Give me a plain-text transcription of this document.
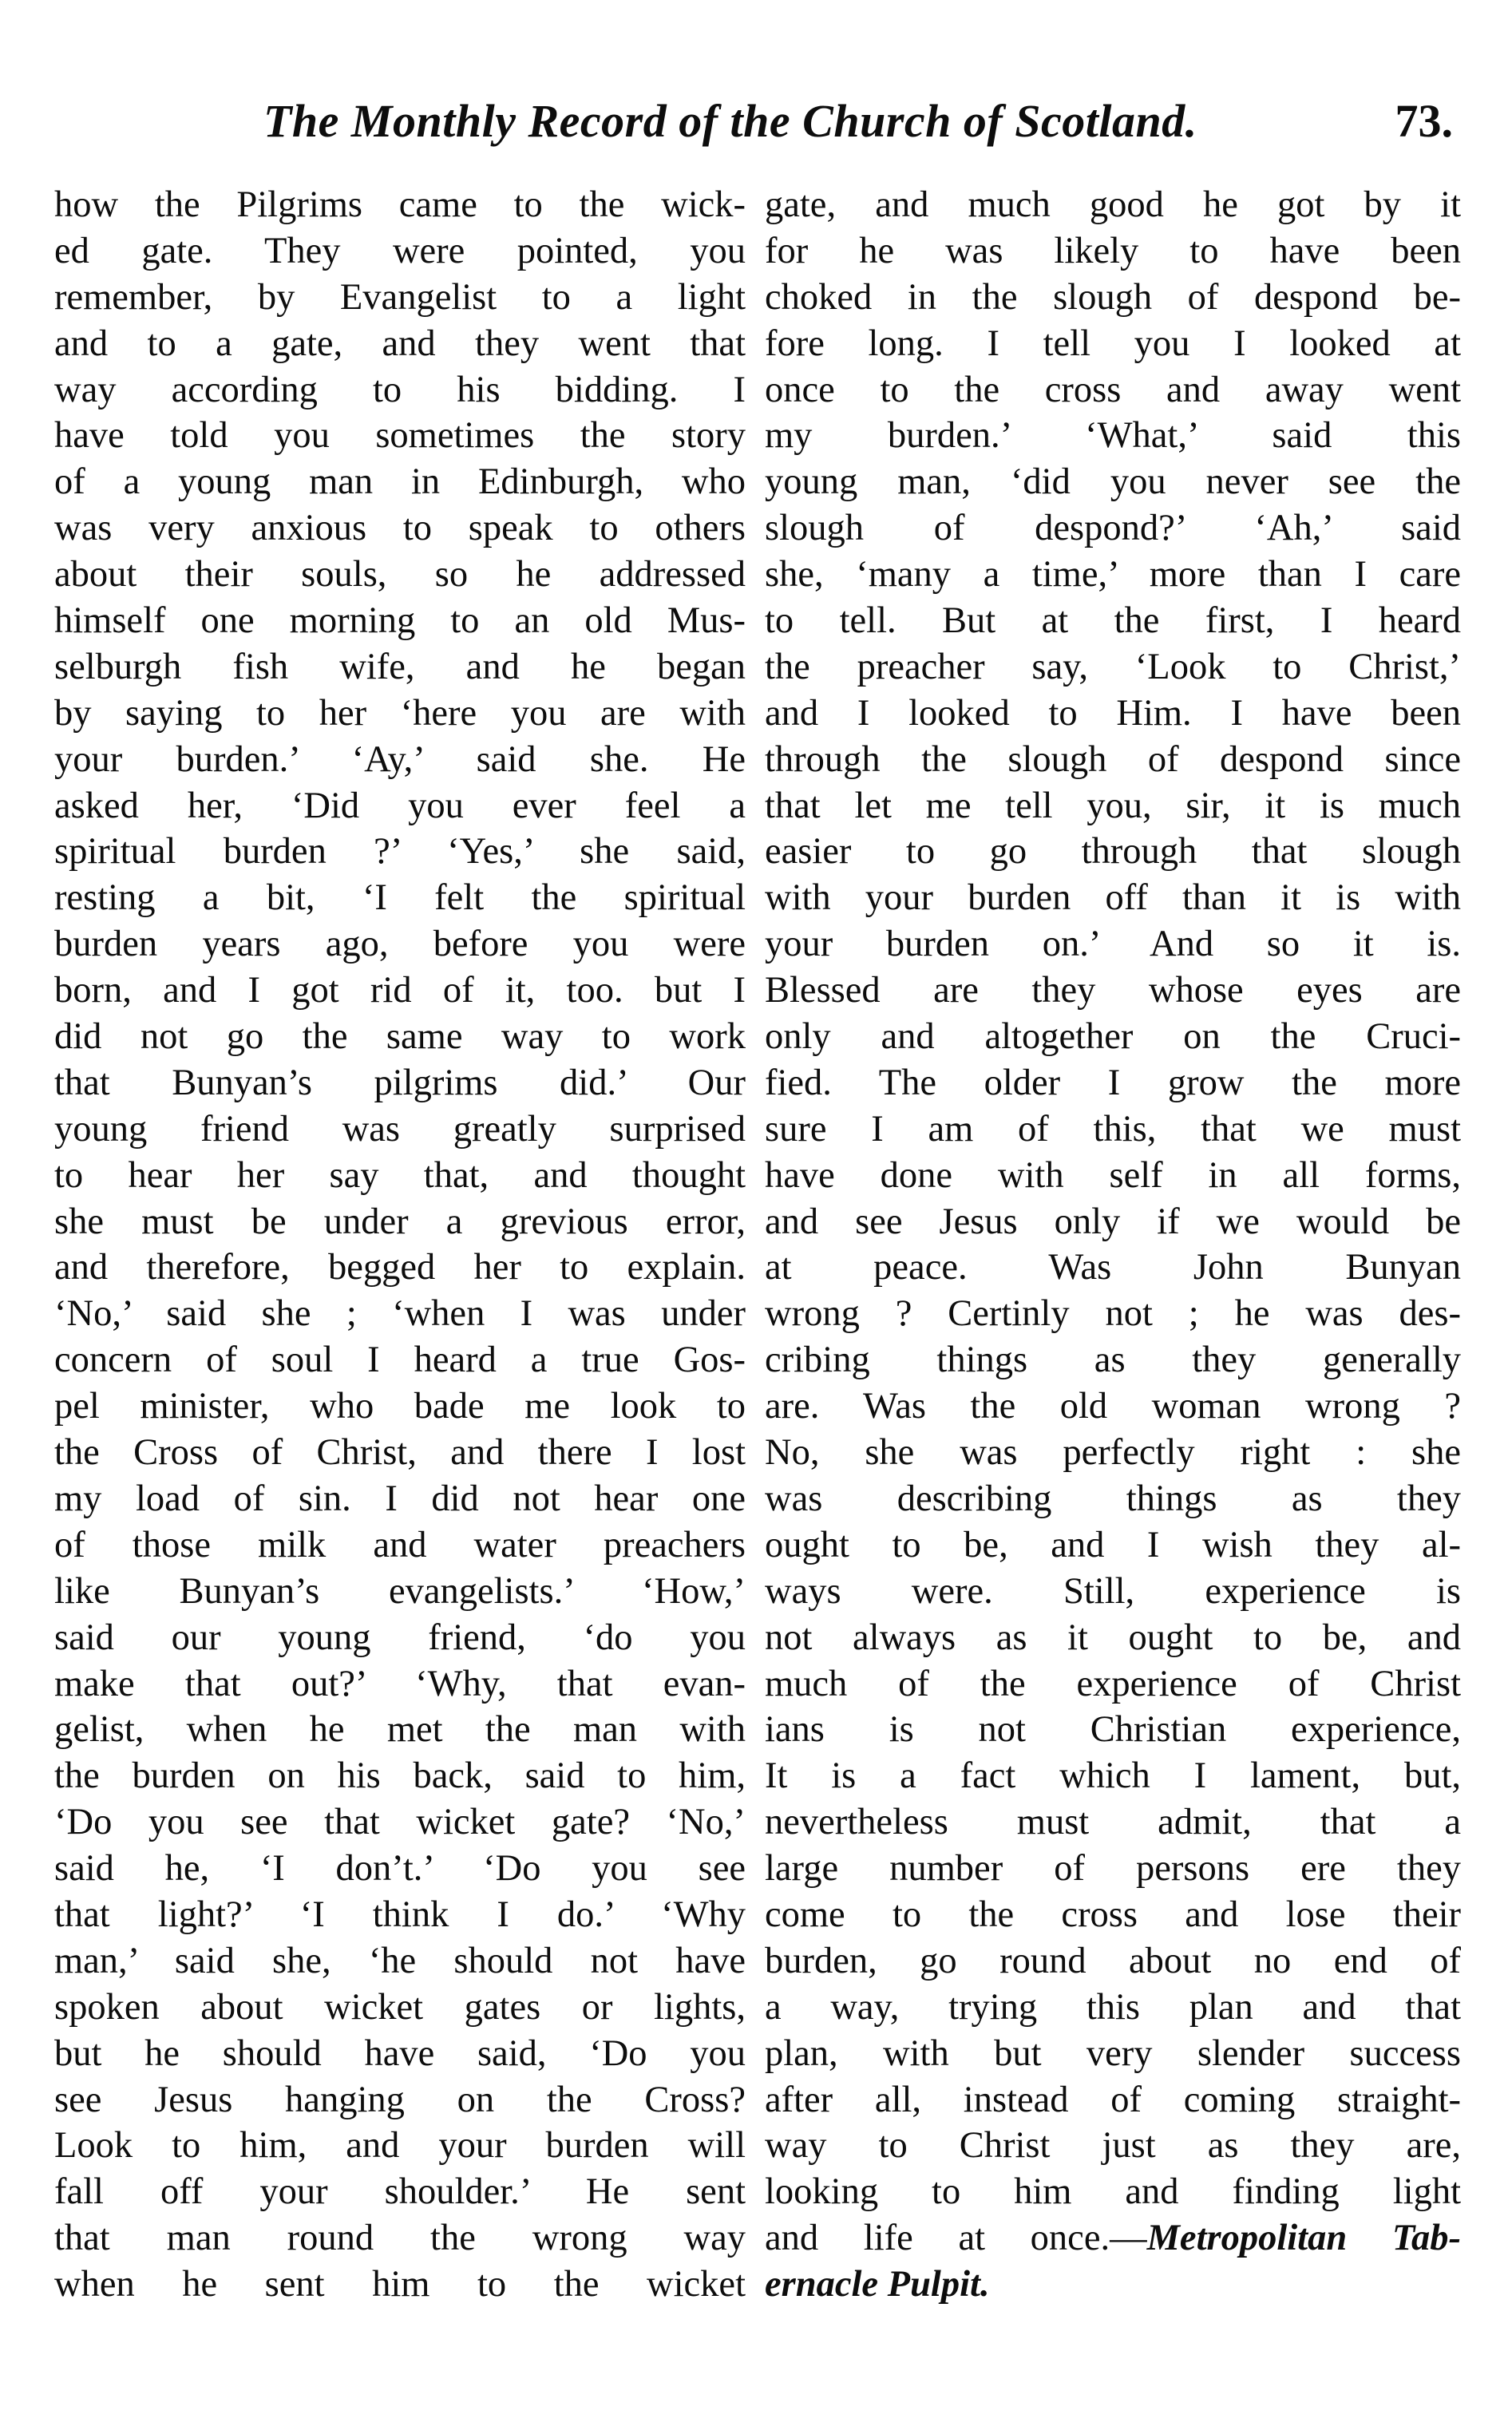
The Monthly Record of the Church of Scotland.	73.
how the Pilgrims came to the wick-
ed gate. They were pointed, you
remember, by Evangelist to a light
and to a gate, and they went that
way according to his bidding. I
have told you sometimes the story
of a young man in Edinburgh, who
was very anxious to speak to others
about their souls, so he addressed
himself one morning to an old Mus-
selburgh fish wife, and he began
by saying to her ‘here you are with
your burden.’ ‘Ay,’ said she. He
asked her, ‘Did you ever feel a
spiritual burden ?’ ‘Yes,’ she said,
resting a bit, ‘I felt the spiritual
burden years ago, before you were
born, and I got rid of it, too. but I
did not go the same way to work
that Bunyan’s pilgrims did.’ Our
young friend was greatly surprised
to hear her say that, and thought
she must be under a grevious error,
and therefore, begged her to explain.
‘No,’ said she ; ‘when I was under
concern of soul I heard a true Gos-
pel minister, who bade me look to
the Cross of Christ, and there I lost
my load of sin. I did not hear one
of those milk and water preachers
like Bunyan’s evangelists.’ ‘How,’
said our young friend, ‘do you
make that out?’ ‘Why, that evan-
gelist, when he met the man with
the burden on his back, said to him,
‘Do you see that wicket gate? ‘No,’
said he, ‘I don’t.’ ‘Do you see
that light?’ ‘I think I do.’ ‘Why
man,’ said she, ‘he should not have
spoken about wicket gates or lights,
but he should have said, ‘Do you
see Jesus hanging on the Cross?
Look to him, and your burden will
fall off your shoulder.’ He sent
that man round the wrong way
when he sent him to the wicket
gate, and much good he got by it
for he was likely to have been
choked in the slough of despond be-
fore long. I tell you I looked at
once to the cross and away went
my burden.’ ‘What,’ said this
young man, ‘did you never see the
slough of despond?’ ‘Ah,’ said
she, ‘many a time,’ more than I care
to tell. But at the first, I heard
the preacher say, ‘Look to Christ,’
and I looked to Him. I have been
through the slough of despond since
that let me tell you, sir, it is much
easier to go through that slough
with your burden off than it is with
your burden on.’ And so it is.
Blessed are they whose eyes are
only and altogether on the Cruci-
fied. The older I grow the more
sure I am of this, that we must
have done with self in all forms,
and see Jesus only if we would be
at peace. Was John Bunyan
wrong ? Certinly not ; he was des-
cribing things as they generally
are. Was the old woman wrong ?
No, she was perfectly right : she
was describing things as they
ought to be, and I wish they al-
ways were. Still, experience is
not always as it ought to be, and
much of the experience of Christ
ians is not Christian experience,
It is a fact which I lament, but,
nevertheless must admit, that a
large number of persons ere they
come to the cross and lose their
burden, go round about no end of
a way, trying this plan and that
plan, with but very slender success
after all, instead of coming straight-
way to Christ just as they are,
looking to him and finding light
and life at once.—Metropolitan Tab-
ernacle Pulpit.
